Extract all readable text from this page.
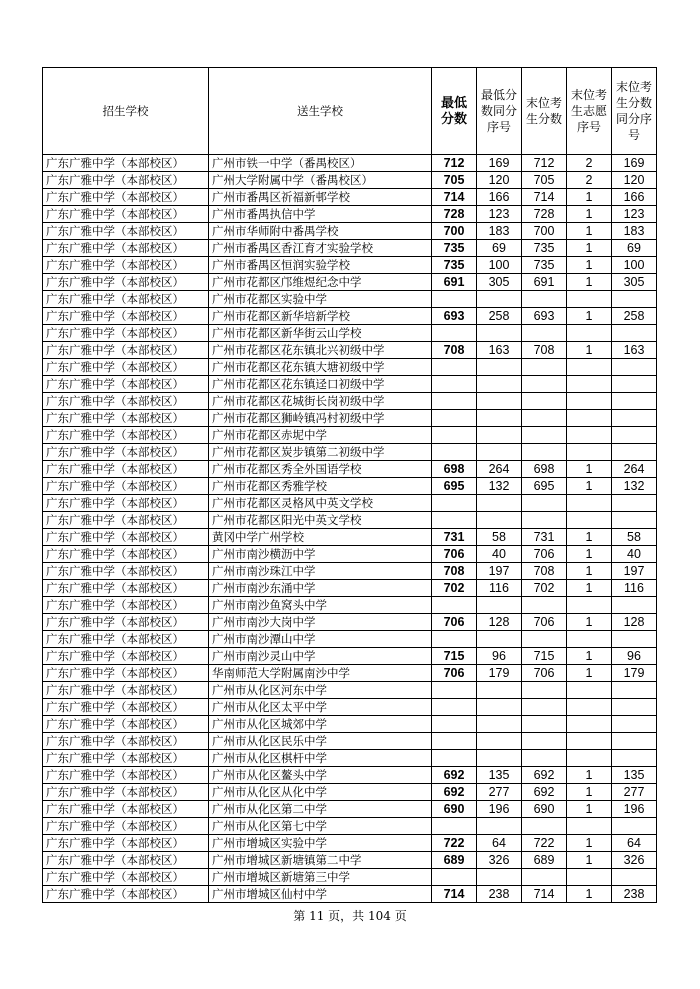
招生学校	送生学校	最低分数	最低分数同分序号	末位考生分数	末位考生志愿序号	末位考生分数同分序号
广东广雅中学（本部校区）	广州市铁一中学（番禺校区）	712	169	712	2	169
广东广雅中学（本部校区）	广州大学附属中学（番禺校区）	705	120	705	2	120
广东广雅中学（本部校区）	广州市番禺区祈福新邨学校	714	166	714	1	166
广东广雅中学（本部校区）	广州市番禺执信中学	728	123	728	1	123
广东广雅中学（本部校区）	广州市华师附中番禺学校	700	183	700	1	183
广东广雅中学（本部校区）	广州市番禺区香江育才实验学校	735	69	735	1	69
广东广雅中学（本部校区）	广州市番禺区恒润实验学校	735	100	735	1	100
广东广雅中学（本部校区）	广州市花都区邝维煜纪念中学	691	305	691	1	305
广东广雅中学（本部校区）	广州市花都区实验中学					
广东广雅中学（本部校区）	广州市花都区新华培新学校	693	258	693	1	258
广东广雅中学（本部校区）	广州市花都区新华街云山学校					
广东广雅中学（本部校区）	广州市花都区花东镇北兴初级中学	708	163	708	1	163
广东广雅中学（本部校区）	广州市花都区花东镇大塘初级中学					
广东广雅中学（本部校区）	广州市花都区花东镇迳口初级中学					
广东广雅中学（本部校区）	广州市花都区花城街长岗初级中学					
广东广雅中学（本部校区）	广州市花都区狮岭镇冯村初级中学					
广东广雅中学（本部校区）	广州市花都区赤坭中学					
广东广雅中学（本部校区）	广州市花都区炭步镇第二初级中学					
广东广雅中学（本部校区）	广州市花都区秀全外国语学校	698	264	698	1	264
广东广雅中学（本部校区）	广州市花都区秀雅学校	695	132	695	1	132
广东广雅中学（本部校区）	广州市花都区灵格风中英文学校					
广东广雅中学（本部校区）	广州市花都区阳光中英文学校					
广东广雅中学（本部校区）	黄冈中学广州学校	731	58	731	1	58
广东广雅中学（本部校区）	广州市南沙横沥中学	706	40	706	1	40
广东广雅中学（本部校区）	广州市南沙珠江中学	708	197	708	1	197
广东广雅中学（本部校区）	广州市南沙东涌中学	702	116	702	1	116
广东广雅中学（本部校区）	广州市南沙鱼窝头中学					
广东广雅中学（本部校区）	广州市南沙大岗中学	706	128	706	1	128
广东广雅中学（本部校区）	广州市南沙潭山中学					
广东广雅中学（本部校区）	广州市南沙灵山中学	715	96	715	1	96
广东广雅中学（本部校区）	华南师范大学附属南沙中学	706	179	706	1	179
广东广雅中学（本部校区）	广州市从化区河东中学					
广东广雅中学（本部校区）	广州市从化区太平中学					
广东广雅中学（本部校区）	广州市从化区城郊中学					
广东广雅中学（本部校区）	广州市从化区民乐中学					
广东广雅中学（本部校区）	广州市从化区棋杆中学					
广东广雅中学（本部校区）	广州市从化区鳌头中学	692	135	692	1	135
广东广雅中学（本部校区）	广州市从化区从化中学	692	277	692	1	277
广东广雅中学（本部校区）	广州市从化区第二中学	690	196	690	1	196
广东广雅中学（本部校区）	广州市从化区第七中学					
广东广雅中学（本部校区）	广州市增城区实验中学	722	64	722	1	64
广东广雅中学（本部校区）	广州市增城区新塘镇第二中学	689	326	689	1	326
广东广雅中学（本部校区）	广州市增城区新塘第三中学					
广东广雅中学（本部校区）	广州市增城区仙村中学	714	238	714	1	238
第 11 页，共 104 页
